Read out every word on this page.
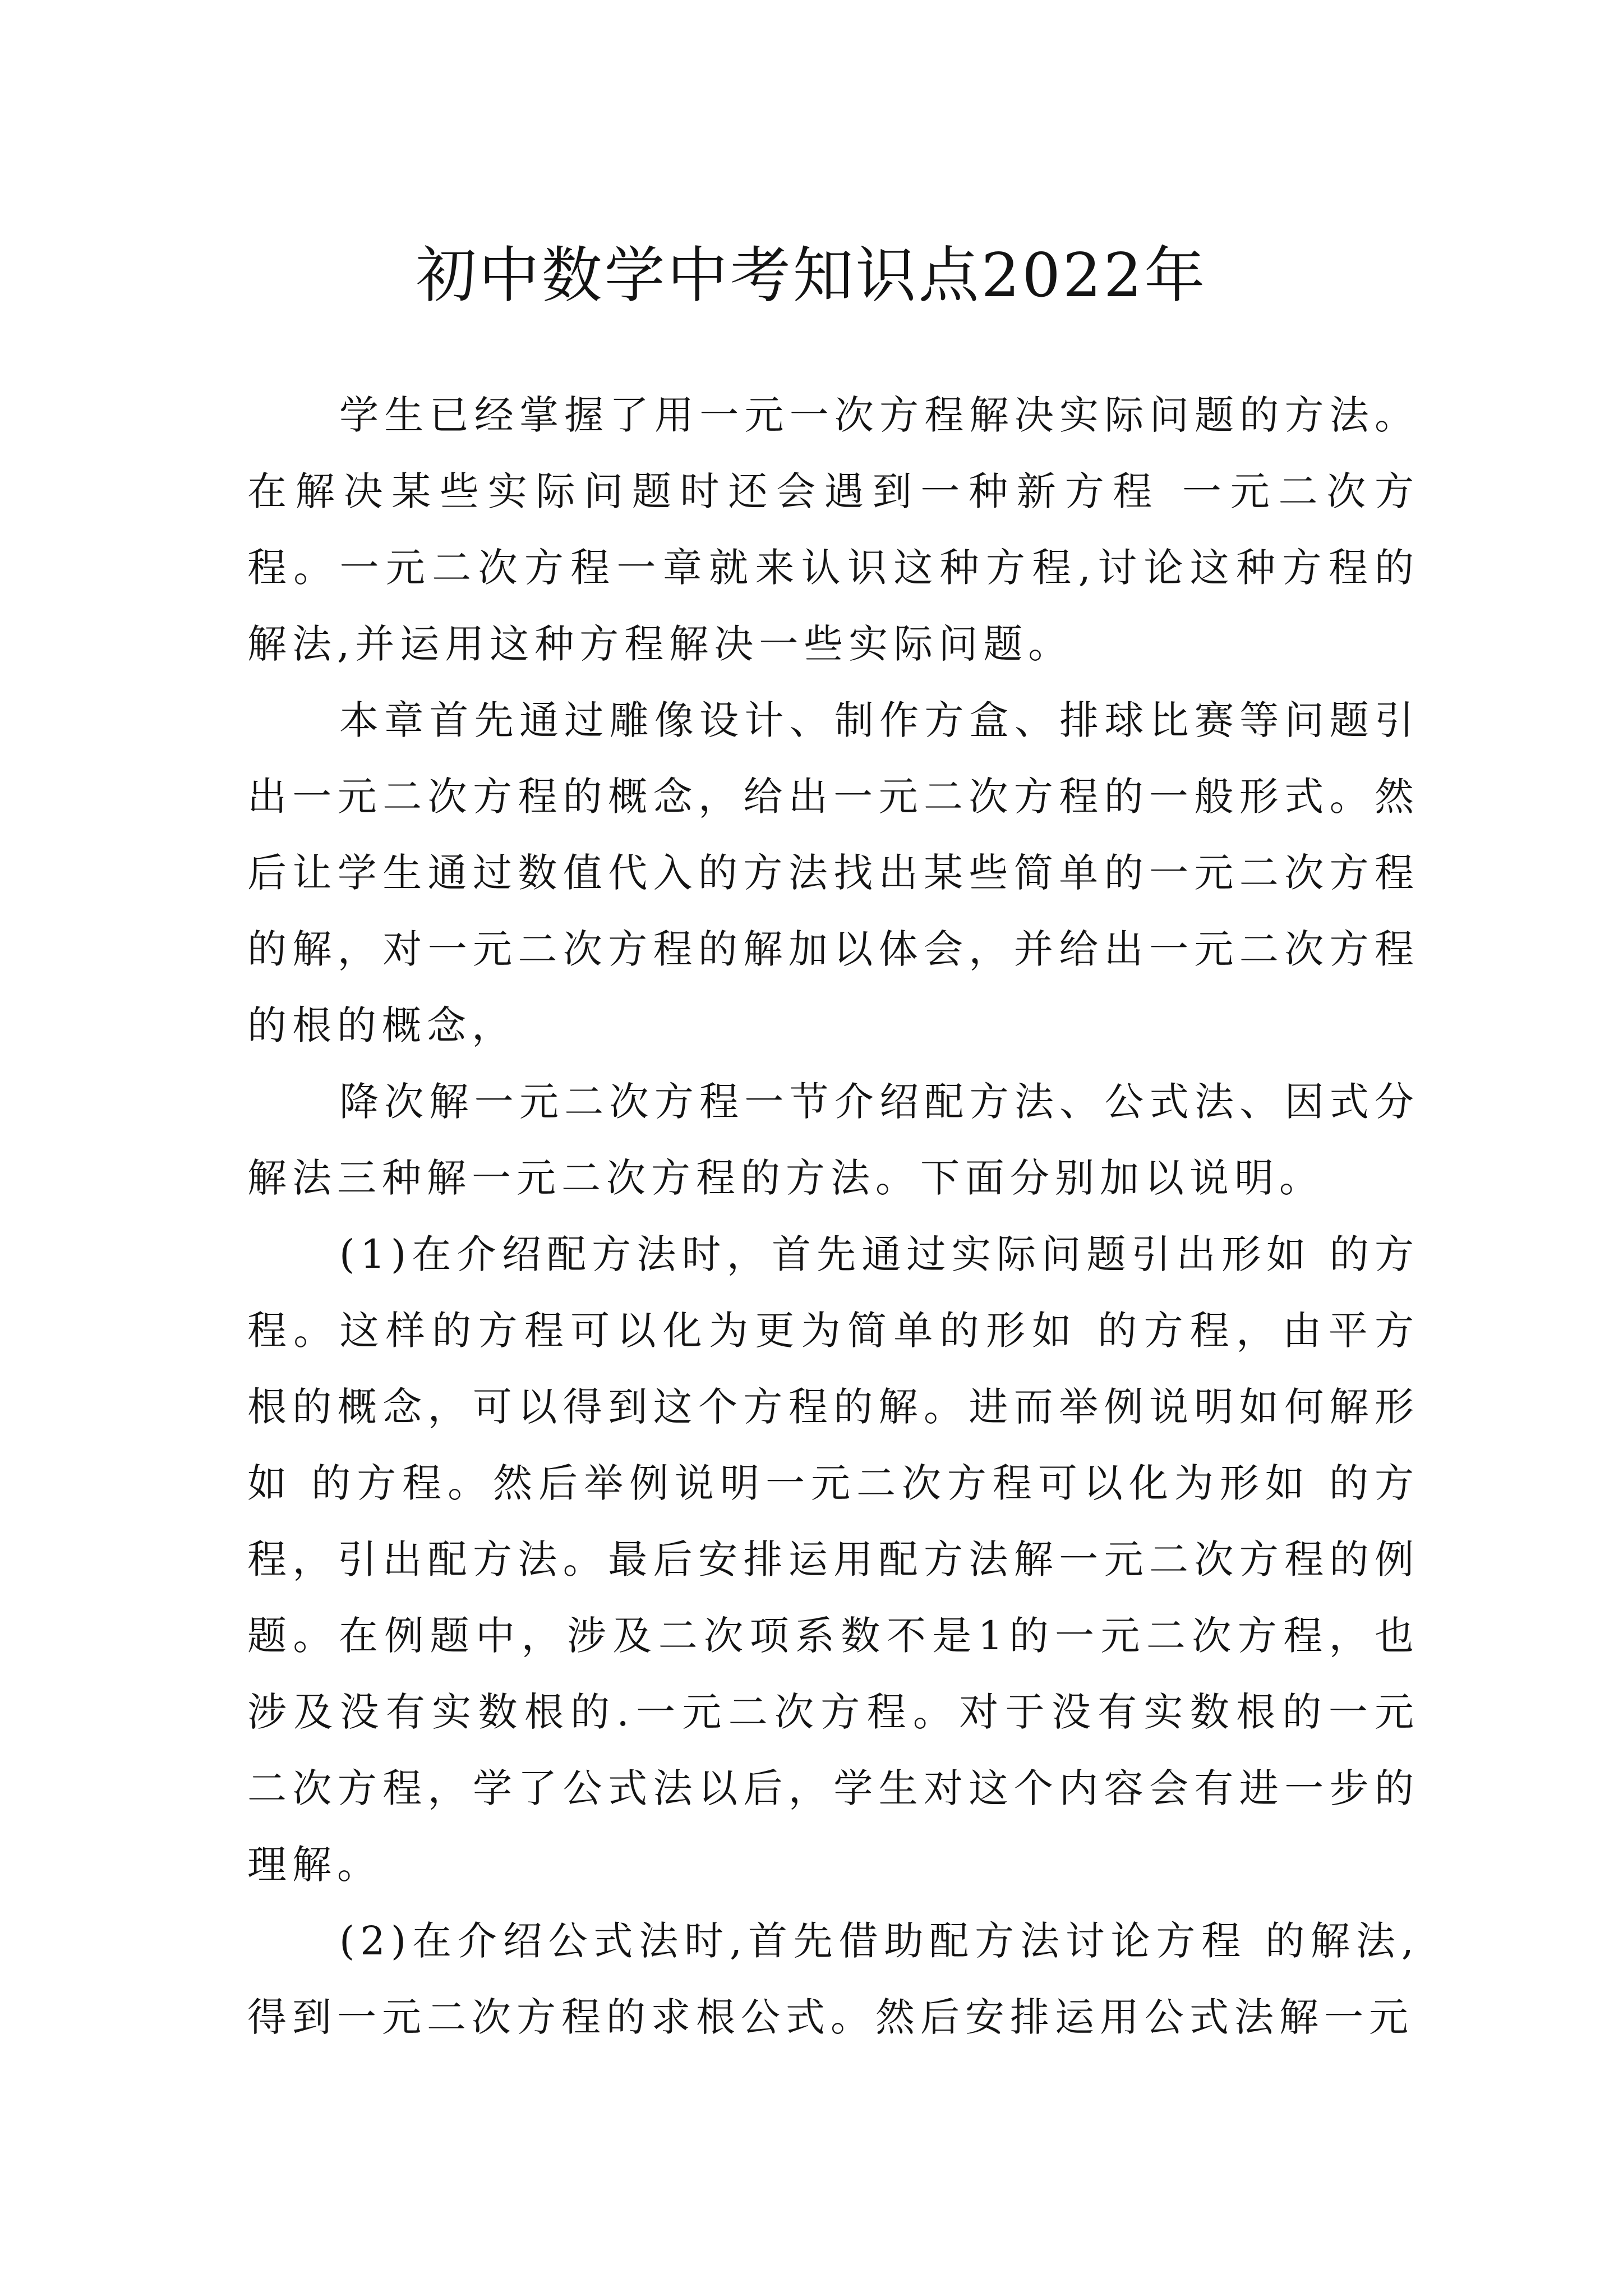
初中数学中考知识点2022年

学生已经掌握了用一元一次方程解决实际问题的方法。在解决某些实际问题时还会遇到一种新方程 一元二次方程。一元二次方程一章就来认识这种方程,讨论这种方程的解法,并运用这种方程解决一些实际问题。

本章首先通过雕像设计、制作方盒、排球比赛等问题引出一元二次方程的概念，给出一元二次方程的一般形式。然后让学生通过数值代入的方法找出某些简单的一元二次方程的解，对一元二次方程的解加以体会，并给出一元二次方程的根的概念，

降次解一元二次方程一节介绍配方法、公式法、因式分解法三种解一元二次方程的方法。下面分别加以说明。

(1)在介绍配方法时，首先通过实际问题引出形如 的方程。这样的方程可以化为更为简单的形如 的方程，由平方根的概念，可以得到这个方程的解。进而举例说明如何解形如 的方程。然后举例说明一元二次方程可以化为形如 的方程，引出配方法。最后安排运用配方法解一元二次方程的例题。在例题中，涉及二次项系数不是1的一元二次方程，也涉及没有实数根的.一元二次方程。对于没有实数根的一元二次方程，学了公式法以后，学生对这个内容会有进一步的理解。

(2)在介绍公式法时,首先借助配方法讨论方程 的解法,得到一元二次方程的求根公式。然后安排运用公式法解一元
